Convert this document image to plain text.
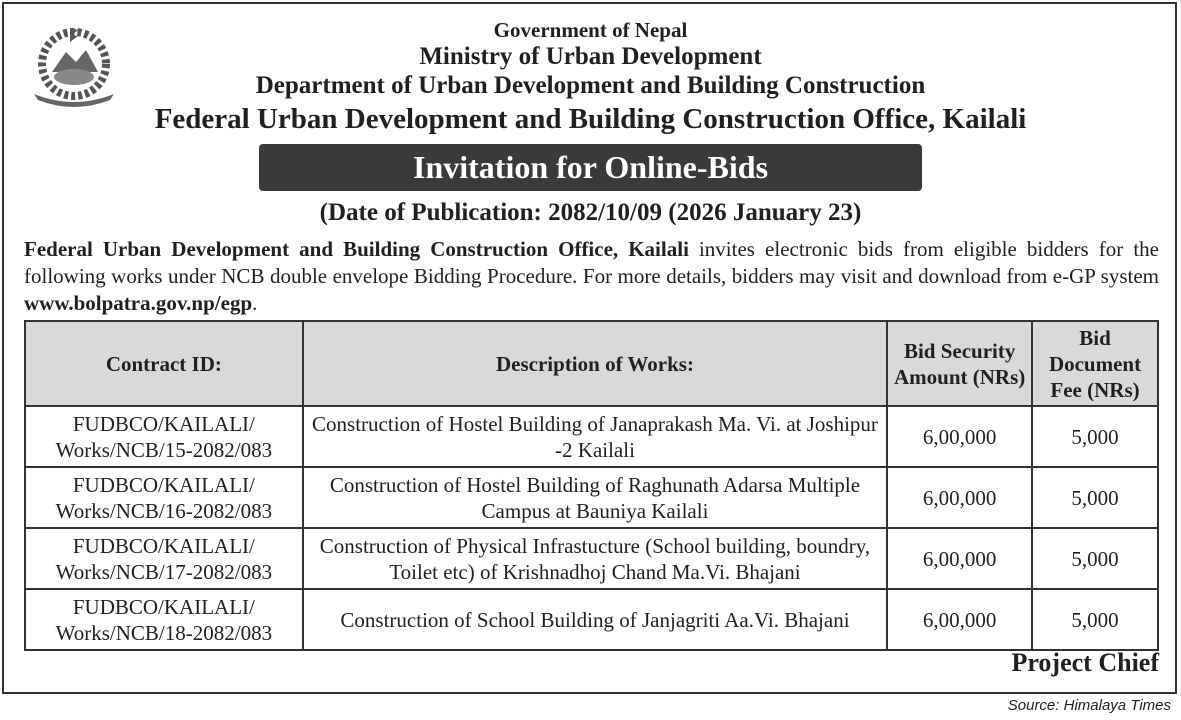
Government of Nepal
Ministry of Urban Development
Department of Urban Development and Building Construction
Federal Urban Development and Building Construction Office, Kailali
Invitation for Online-Bids
(Date of Publication: 2082/10/09 (2026 January 23)
Federal Urban Development and Building Construction Office, Kailali invites electronic bids from eligible bidders for the following works under NCB double envelope Bidding Procedure. For more details, bidders may visit and download from e-GP system www.bolpatra.gov.np/egp.
Contract ID:	Description of Works:	Bid Security Amount (NRs)	Bid Document Fee (NRs)
FUDBCO/KAILALI/ Works/NCB/15-2082/083	Construction of Hostel Building of Janaprakash Ma. Vi. at Joshipur -2 Kailali	6,00,000	5,000
FUDBCO/KAILALI/ Works/NCB/16-2082/083	Construction of Hostel Building of Raghunath Adarsa Multiple Campus at Bauniya Kailali	6,00,000	5,000
FUDBCO/KAILALI/ Works/NCB/17-2082/083	Construction of Physical Infrastucture (School building, boundry, Toilet etc) of Krishnadhoj Chand Ma.Vi. Bhajani	6,00,000	5,000
FUDBCO/KAILALI/ Works/NCB/18-2082/083	Construction of School Building of Janjagriti Aa.Vi. Bhajani	6,00,000	5,000
Project Chief
Source: Himalaya Times
